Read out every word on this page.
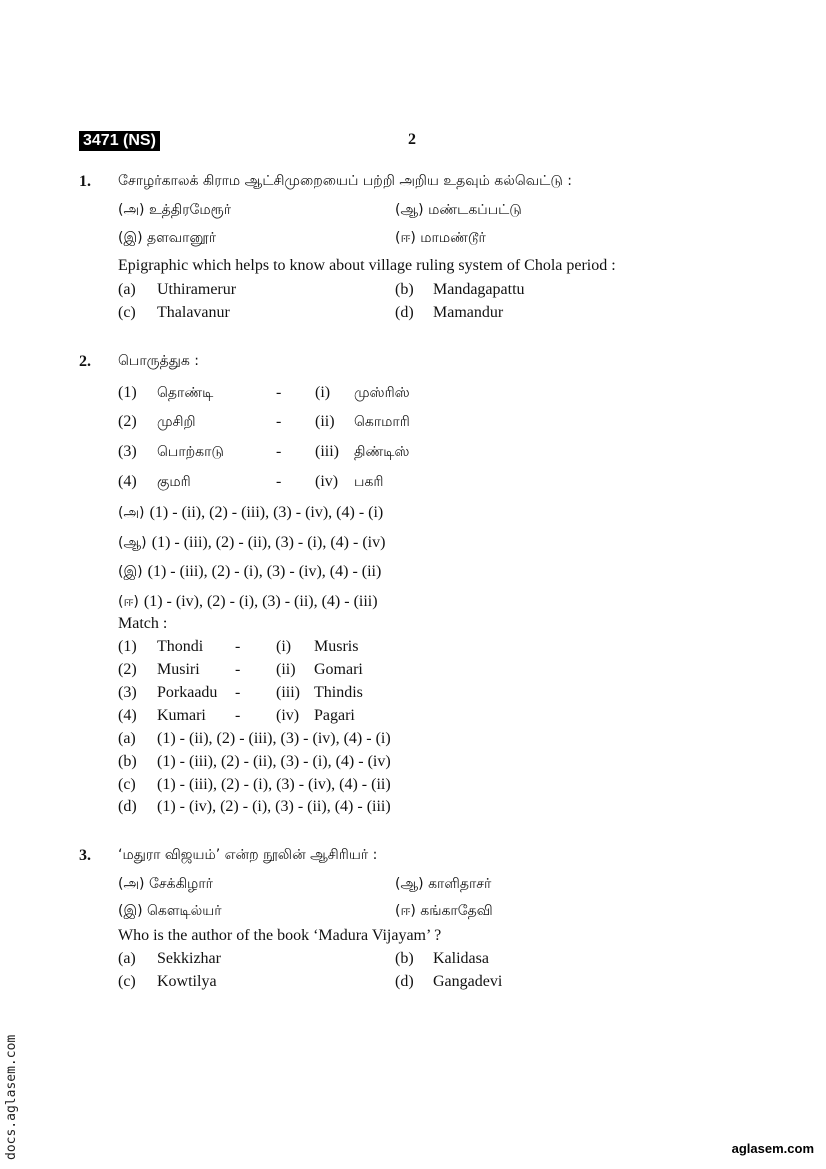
3471 (NS)	2
1. சோழர்காலக் கிராம ஆட்சிமுறையைப் பற்றி அறிய உதவும் கல்வெட்டு :
(அ) உத்திரமேரூர்	(ஆ) மண்டகப்பட்டு
(இ) தளவானூர்	(ஈ) மாமண்டூர்
Epigraphic which helps to know about village ruling system of Chola period :
(a) Uthiramerur	(b) Mandagapattu
(c) Thalavanur	(d) Mamandur
2. பொருத்துக :
(1) தொண்டி	- (i) முஸ்ரிஸ்
(2) முசிறி	- (ii) கொமாரி
(3) பொற்காடு	- (iii) திண்டிஸ்
(4) குமரி	- (iv) பகரி
(அ) (1) - (ii), (2) - (iii), (3) - (iv), (4) - (i)
(ஆ) (1) - (iii), (2) - (ii), (3) - (i), (4) - (iv)
(இ) (1) - (iii), (2) - (i), (3) - (iv), (4) - (ii)
(ஈ) (1) - (iv), (2) - (i), (3) - (ii), (4) - (iii)
Match :
(1) Thondi - (i) Musris
(2) Musiri - (ii) Gomari
(3) Porkaadu - (iii) Thindis
(4) Kumari - (iv) Pagari
(a) (1) - (ii), (2) - (iii), (3) - (iv), (4) - (i)
(b) (1) - (iii), (2) - (ii), (3) - (i), (4) - (iv)
(c) (1) - (iii), (2) - (i), (3) - (iv), (4) - (ii)
(d) (1) - (iv), (2) - (i), (3) - (ii), (4) - (iii)
3. ‘மதுரா விஜயம்’ என்ற நூலின் ஆசிரியர் :
(அ) சேக்கிழார்	(ஆ) காளிதாசர்
(இ) கௌடில்யர்	(ஈ) கங்காதேவி
Who is the author of the book ‘Madura Vijayam’ ?
(a) Sekkizhar	(b) Kalidasa
(c) Kowtilya	(d) Gangadevi
docs.aglasem.com	aglasem.com
